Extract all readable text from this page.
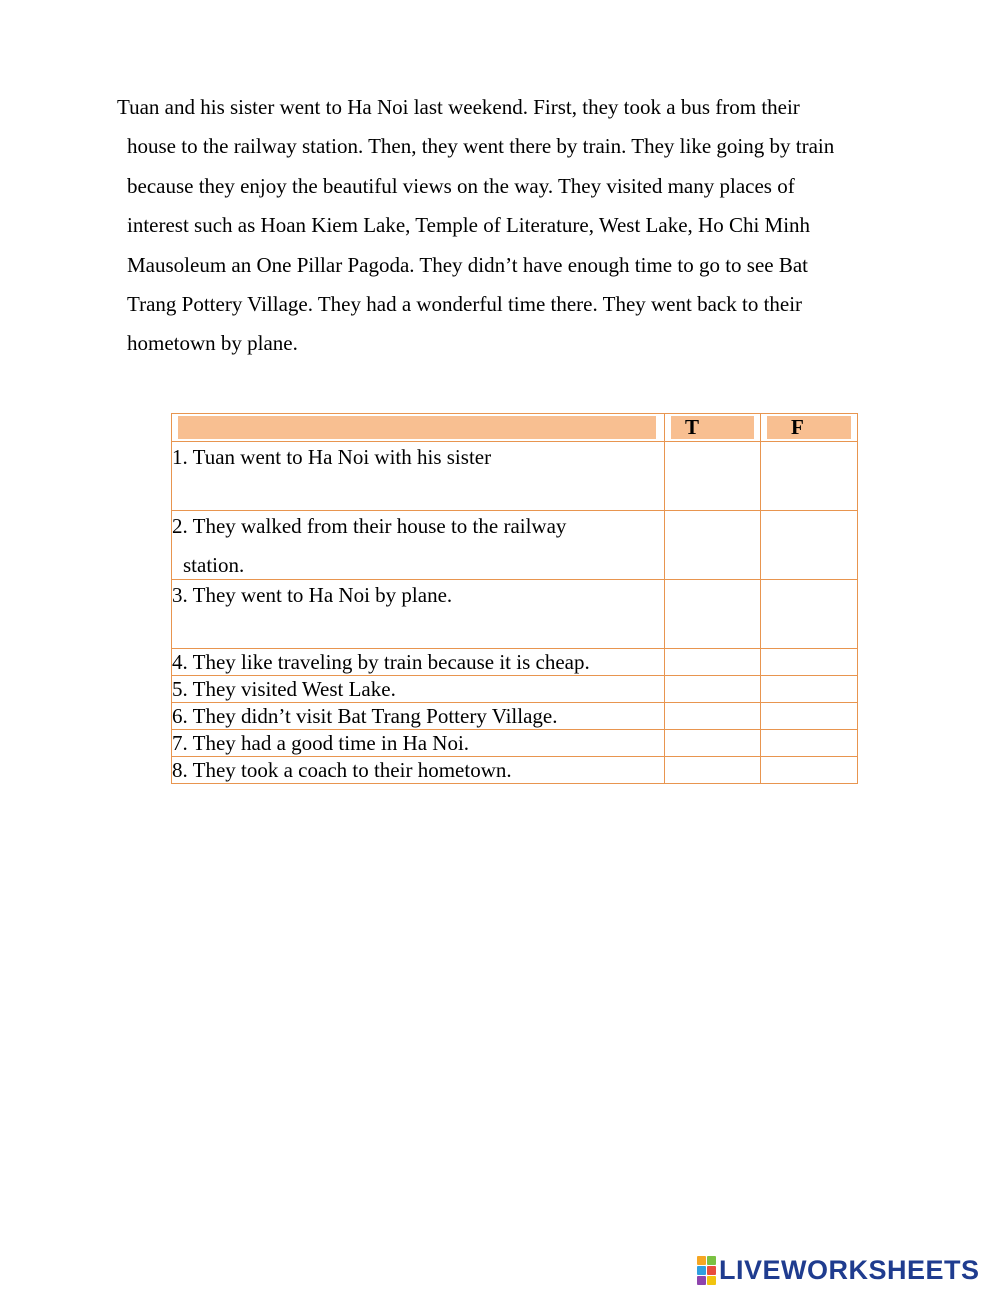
Tuan and his sister went to Ha Noi last weekend. First, they took a bus from their
house to the railway station. Then, they went there by train. They like going by train
because they enjoy the beautiful views on the way. They visited many places of
interest such as Hoan Kiem Lake, Temple of Literature, West Lake, Ho Chi Minh
Mausoleum an One Pillar Pagoda. They didn’t have enough time to go to see Bat
Trang Pottery Village. They had a wonderful time there. They went back to their
hometown by plane.

	T	F

1. Tuan went to Ha Noi with his sister		
2. They walked from their house to the railway
station.		

3. They went to Ha Noi by plane.		
4. They like traveling by train because it is cheap.		
5. They visited West Lake.		
6. They didn’t visit Bat Trang Pottery Village.		
7. They had a good time in Ha Noi.		
8. They took a coach to their hometown.		
LIVEWORKSHEETS
